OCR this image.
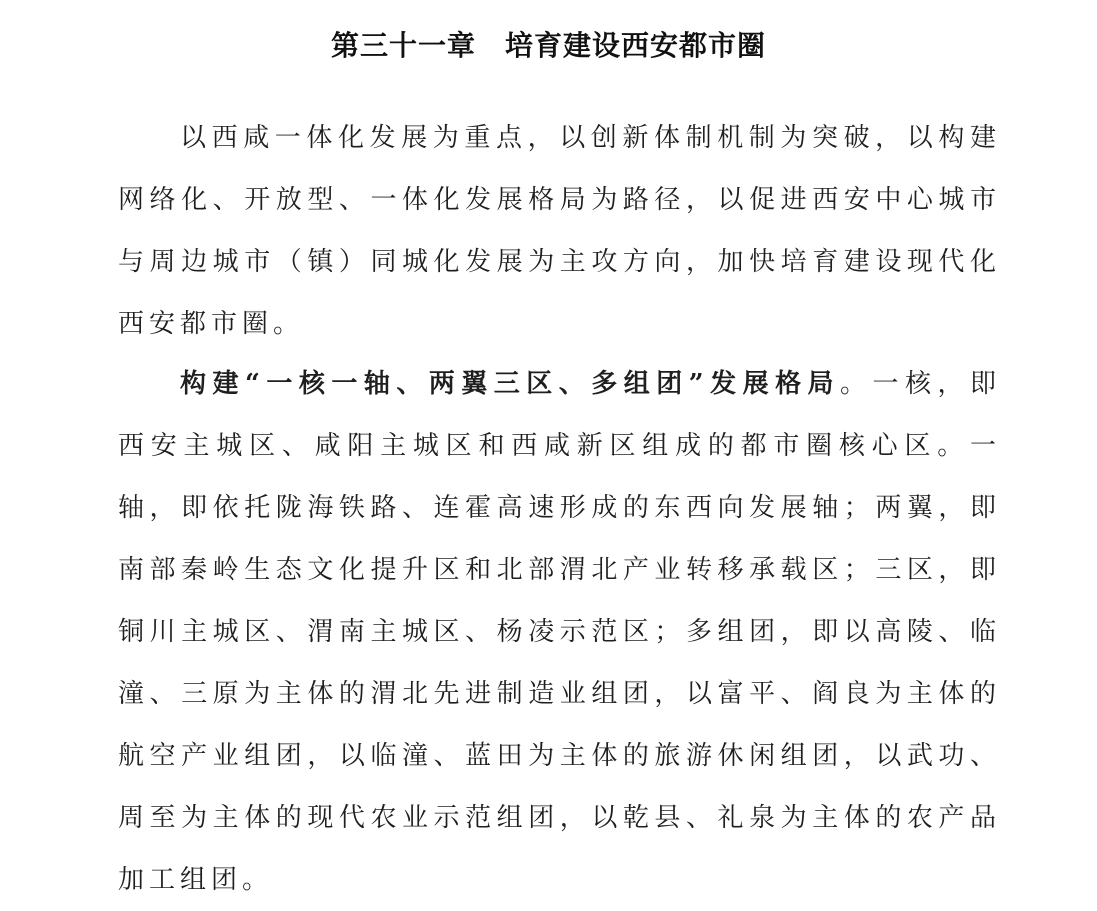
第三十一章　培育建设西安都市圈
以西咸一体化发展为重点，以创新体制机制为突破，以构建
网络化、开放型、一体化发展格局为路径，以促进西安中心城市
与周边城市（镇）同城化发展为主攻方向，加快培育建设现代化
西安都市圈。
构建“一核一轴、两翼三区、多组团”发展格局。一核，即
西安主城区、咸阳主城区和西咸新区组成的都市圈核心区。一
轴，即依托陇海铁路、连霍高速形成的东西向发展轴；两翼，即
南部秦岭生态文化提升区和北部渭北产业转移承载区；三区，即
铜川主城区、渭南主城区、杨凌示范区；多组团，即以高陵、临
潼、三原为主体的渭北先进制造业组团，以富平、阎良为主体的
航空产业组团，以临潼、蓝田为主体的旅游休闲组团，以武功、
周至为主体的现代农业示范组团，以乾县、礼泉为主体的农产品
加工组团。
